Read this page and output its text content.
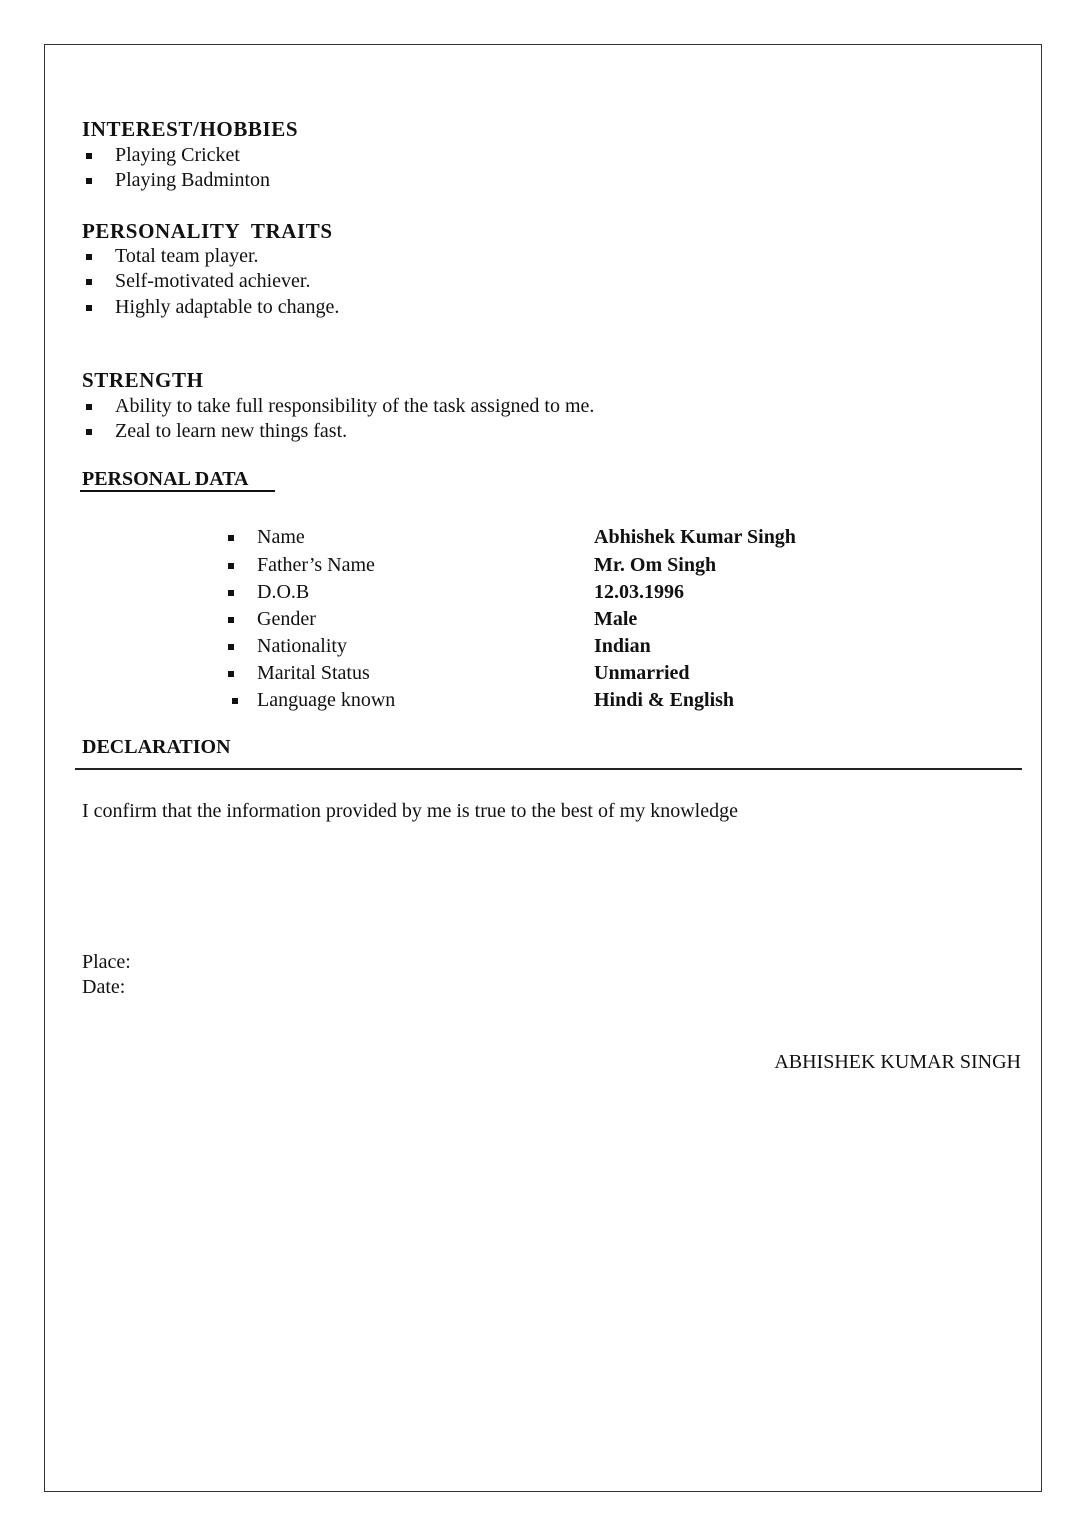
INTEREST/HOBBIES
Playing Cricket
Playing Badminton
PERSONALITY  TRAITS
Total team player.
Self-motivated achiever.
Highly adaptable to change.
STRENGTH
Ability to take full responsibility of the task assigned to me.
Zeal to learn new things fast.
PERSONAL DATA
Name	Abhishek Kumar Singh
Father’s Name	Mr. Om Singh
D.O.B	12.03.1996
Gender	Male
Nationality	Indian
Marital Status	Unmarried
Language known	Hindi & English
DECLARATION
I confirm that the information provided by me is true to the best of my knowledge
Place:
Date:
ABHISHEK KUMAR SINGH
